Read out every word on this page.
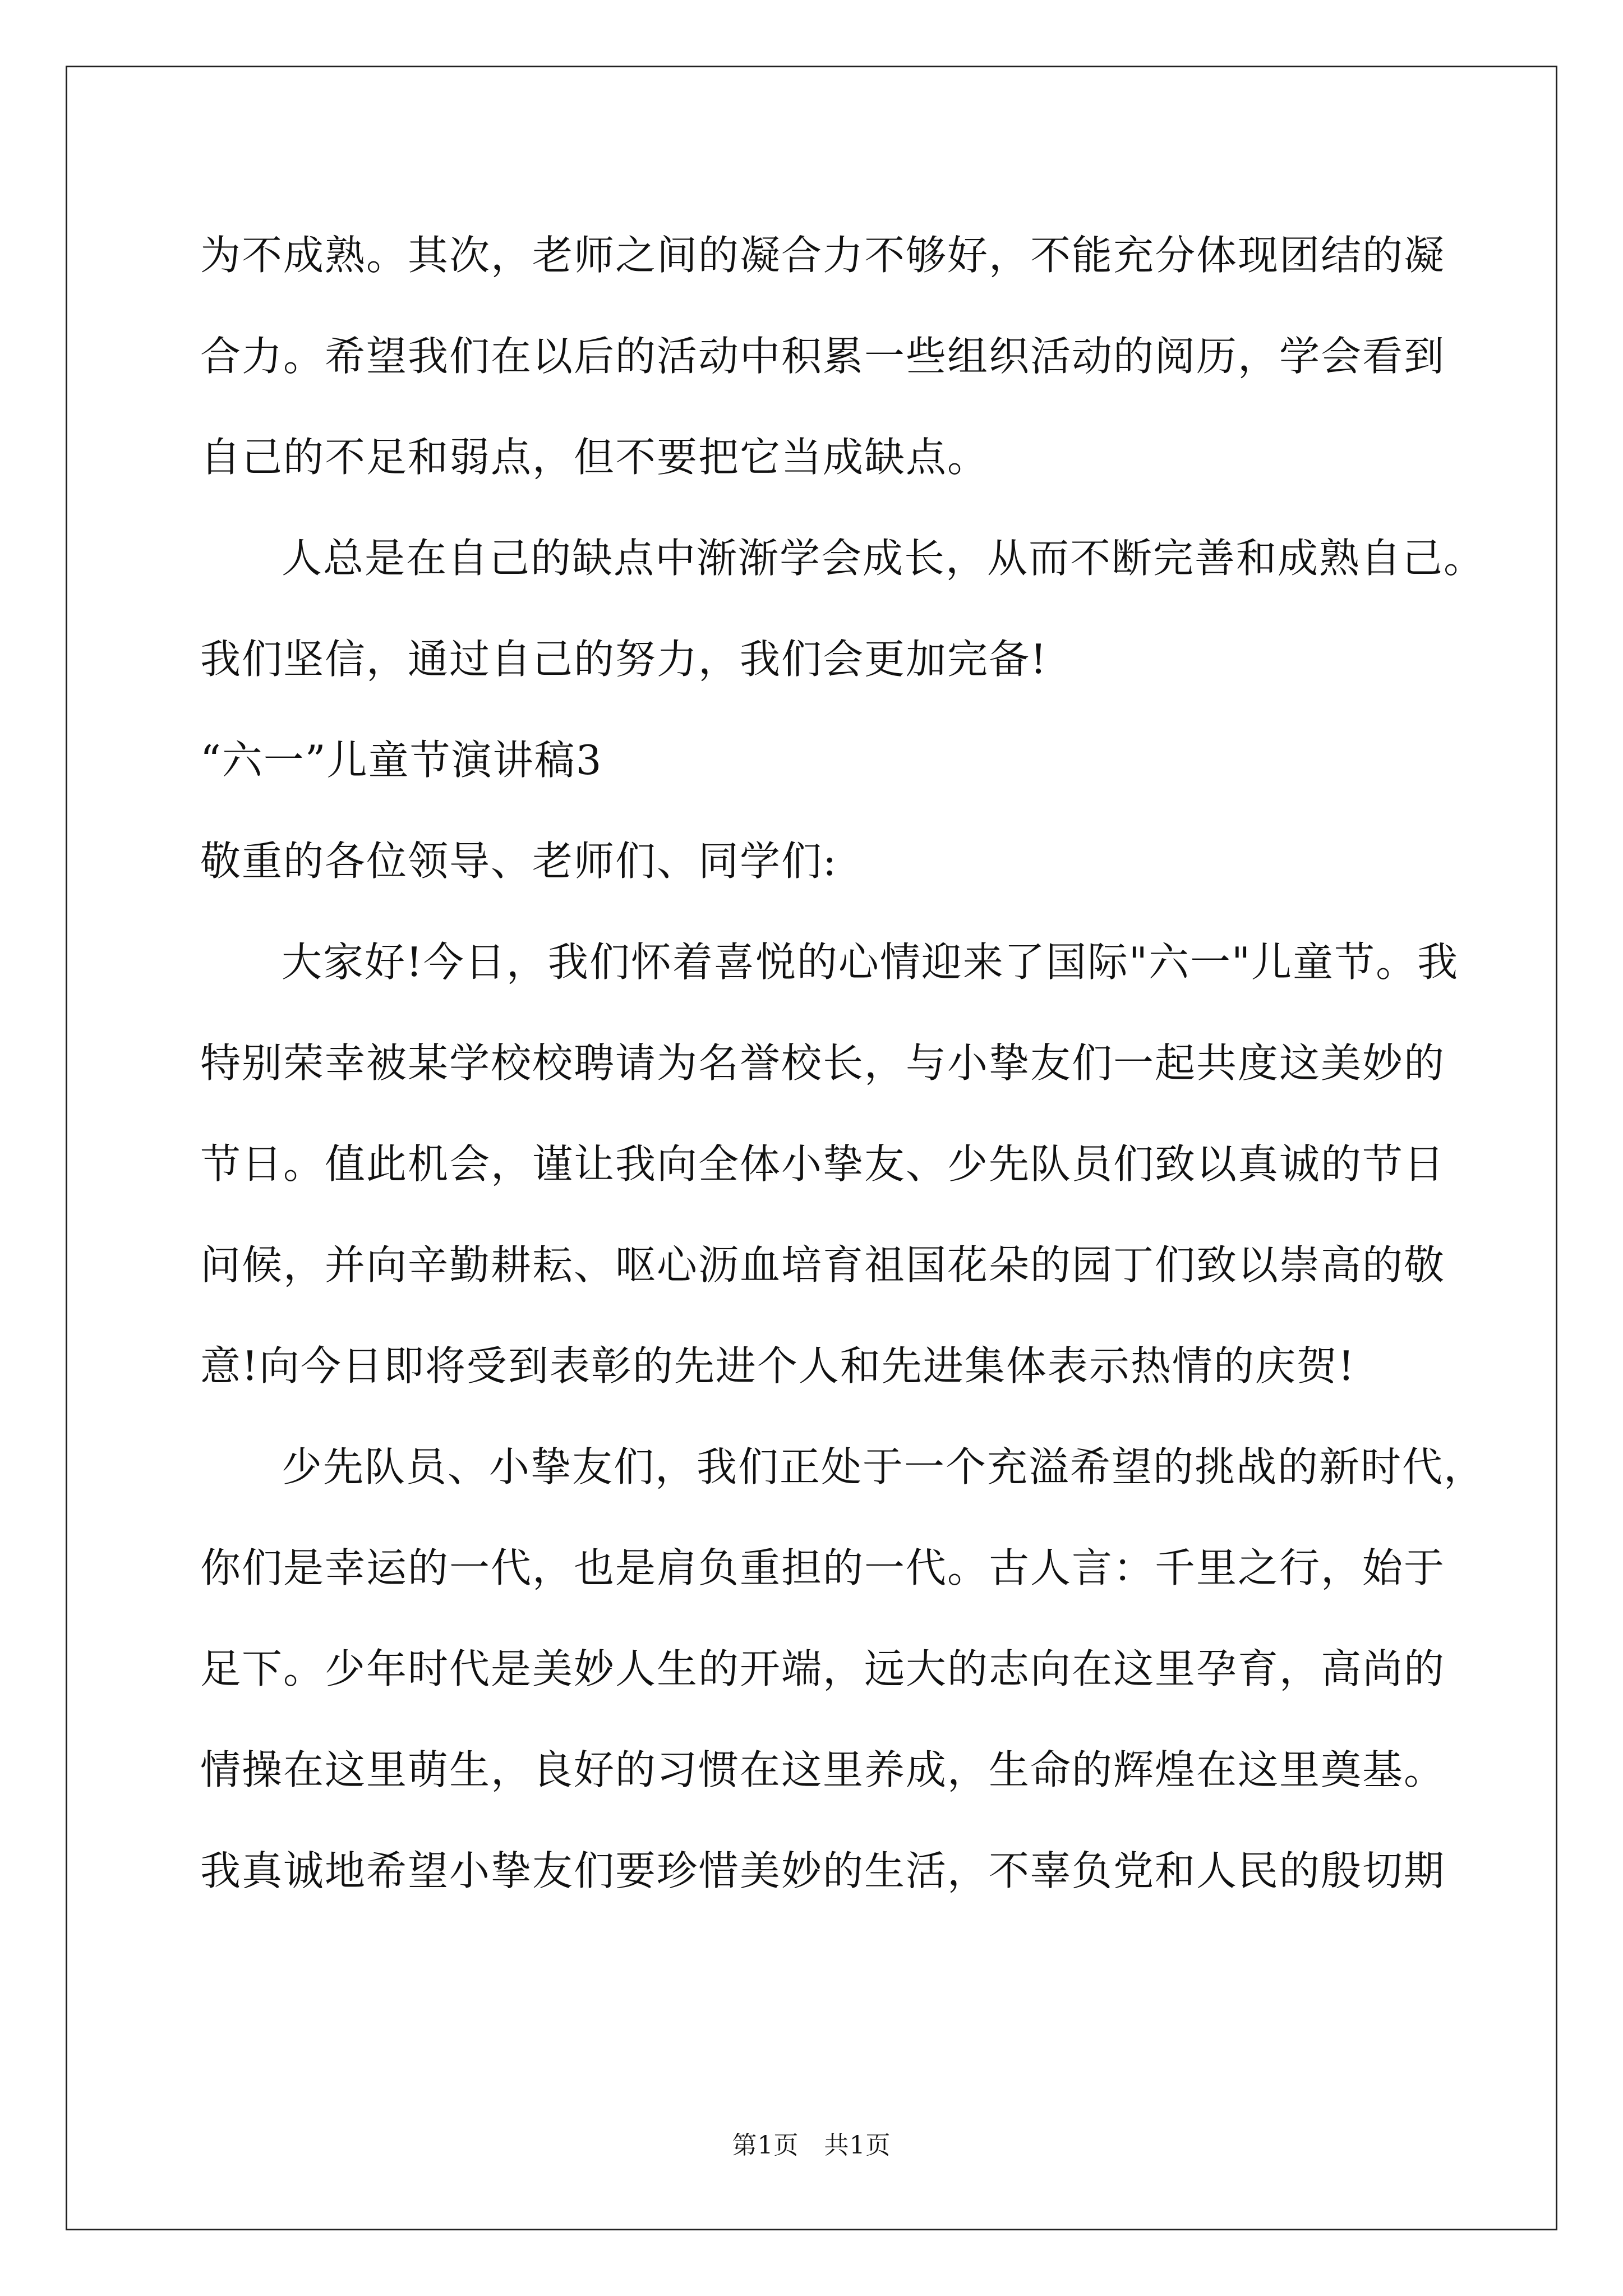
为不成熟。其次，老师之间的凝合力不够好，不能充分体现团结的凝
合力。希望我们在以后的活动中积累一些组织活动的阅历，学会看到
自己的不足和弱点，但不要把它当成缺点。
人总是在自己的缺点中渐渐学会成长，从而不断完善和成熟自己。
我们坚信，通过自己的努力，我们会更加完备!
“六一”儿童节演讲稿3
敬重的各位领导、老师们、同学们:
大家好!今日，我们怀着喜悦的心情迎来了国际"六一"儿童节。我
特别荣幸被某学校校聘请为名誉校长，与小挚友们一起共度这美妙的
节日。值此机会，谨让我向全体小挚友、少先队员们致以真诚的节日
问候，并向辛勤耕耘、呕心沥血培育祖国花朵的园丁们致以崇高的敬
意!向今日即将受到表彰的先进个人和先进集体表示热情的庆贺!
少先队员、小挚友们，我们正处于一个充溢希望的挑战的新时代，
你们是幸运的一代，也是肩负重担的一代。古人言：千里之行，始于
足下。少年时代是美妙人生的开端，远大的志向在这里孕育，高尚的
情操在这里萌生，良好的习惯在这里养成，生命的辉煌在这里奠基。
我真诚地希望小挚友们要珍惜美妙的生活，不辜负党和人民的殷切期
第1页　共1页
